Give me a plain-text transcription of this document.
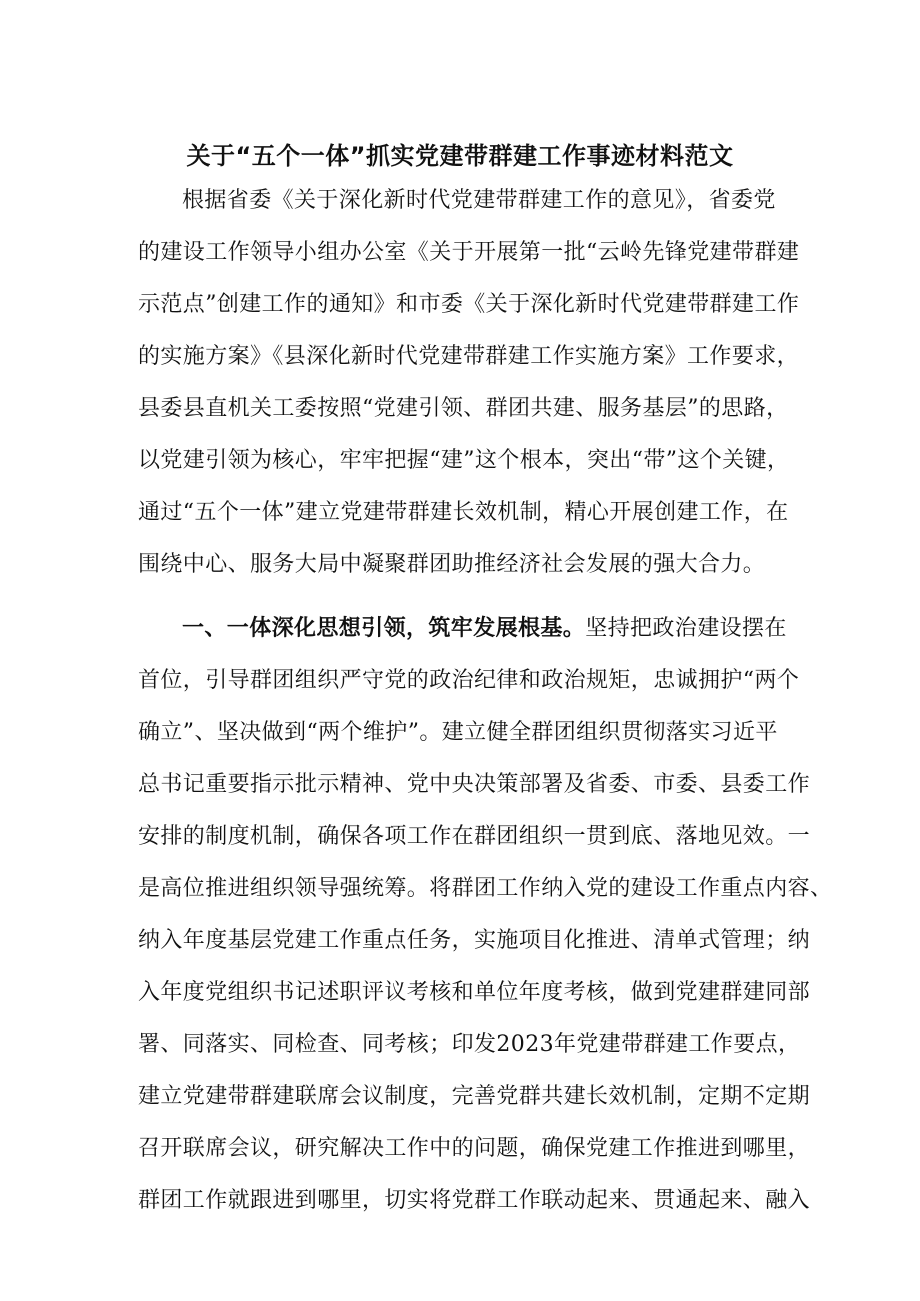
关于“五个一体”抓实党建带群建工作事迹材料范文
根据省委《关于深化新时代党建带群建工作的意见》，省委党
的建设工作领导小组办公室《关于开展第一批“云岭先锋党建带群建
示范点”创建工作的通知》和市委《关于深化新时代党建带群建工作
的实施方案》《县深化新时代党建带群建工作实施方案》工作要求，
县委县直机关工委按照“党建引领、群团共建、服务基层”的思路，
以党建引领为核心，牢牢把握“建”这个根本，突出“带”这个关键，
通过“五个一体”建立党建带群建长效机制，精心开展创建工作，在
围绕中心、服务大局中凝聚群团助推经济社会发展的强大合力。
一、一体深化思想引领，筑牢发展根基。坚持把政治建设摆在
首位，引导群团组织严守党的政治纪律和政治规矩，忠诚拥护“两个
确立”、坚决做到“两个维护”。建立健全群团组织贯彻落实习近平
总书记重要指示批示精神、党中央决策部署及省委、市委、县委工作
安排的制度机制，确保各项工作在群团组织一贯到底、落地见效。一
是高位推进组织领导强统筹。将群团工作纳入党的建设工作重点内容、
纳入年度基层党建工作重点任务，实施项目化推进、清单式管理；纳
入年度党组织书记述职评议考核和单位年度考核，做到党建群建同部
署、同落实、同检查、同考核；印发2023年党建带群建工作要点，
建立党建带群建联席会议制度，完善党群共建长效机制，定期不定期
召开联席会议，研究解决工作中的问题，确保党建工作推进到哪里，
群团工作就跟进到哪里，切实将党群工作联动起来、贯通起来、融入
